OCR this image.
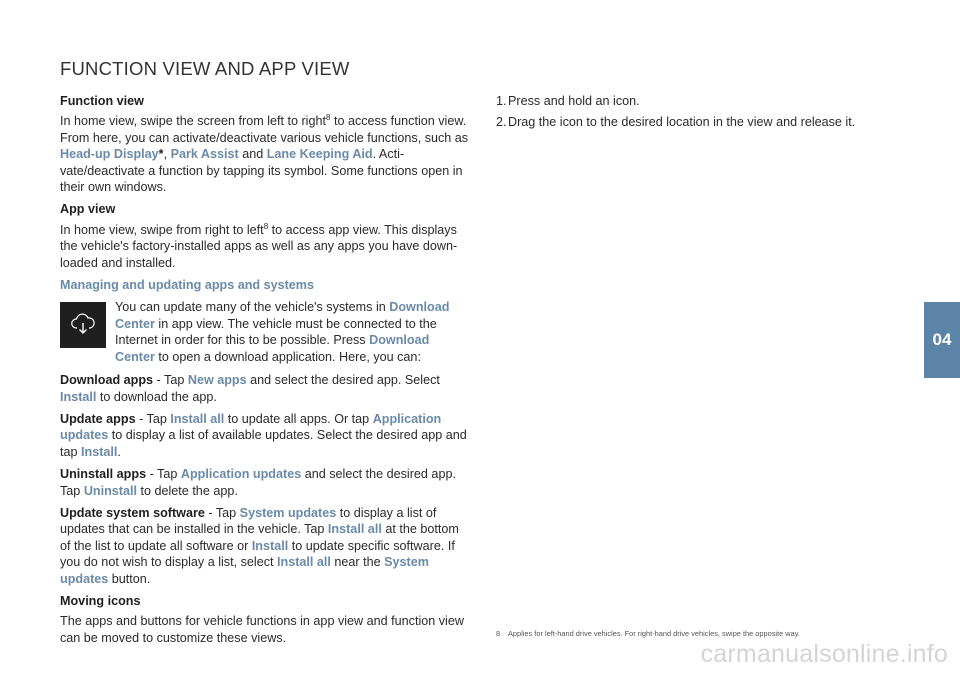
FUNCTION VIEW AND APP VIEW
Function view

In home view, swipe the screen from left to right$^8$ to access function view. From here, you can activate/deactivate various vehicle functions, such as Head-up Display*, Park Assist and Lane Keeping Aid. Activate/deactivate a function by tapping its symbol. Some functions open in their own windows.

App view

In home view, swipe from right to left$^8$ to access app view. This displays the vehicle's factory-installed apps as well as any apps you have downloaded and installed.

Managing and updating apps and systems
You can update many of the vehicle's systems in Download Center in app view. The vehicle must be connected to the Internet in order for this to be possible. Press Download Center to open a download application. Here, you can:

Download apps - Tap New apps and select the desired app. Select Install to download the app.

Update apps - Tap Install all to update all apps. Or tap Application updates to display a list of available updates. Select the desired app and tap Install.

Uninstall apps - Tap Application updates and select the desired app. Tap Uninstall to delete the app.

Update system software - Tap System updates to display a list of updates that can be installed in the vehicle. Tap Install all at the bottom of the list to update all software or Install to update specific software. If you do not wish to display a list, select Install all near the System updates button.

Moving icons

The apps and buttons for vehicle functions in app view and function view can be moved to customize these views.

1. Press and hold an icon.
2. Drag the icon to the desired location in the view and release it.
8 Applies for left-hand drive vehicles. For right-hand drive vehicles, swipe the opposite way.
04
carmanualsonline.info
